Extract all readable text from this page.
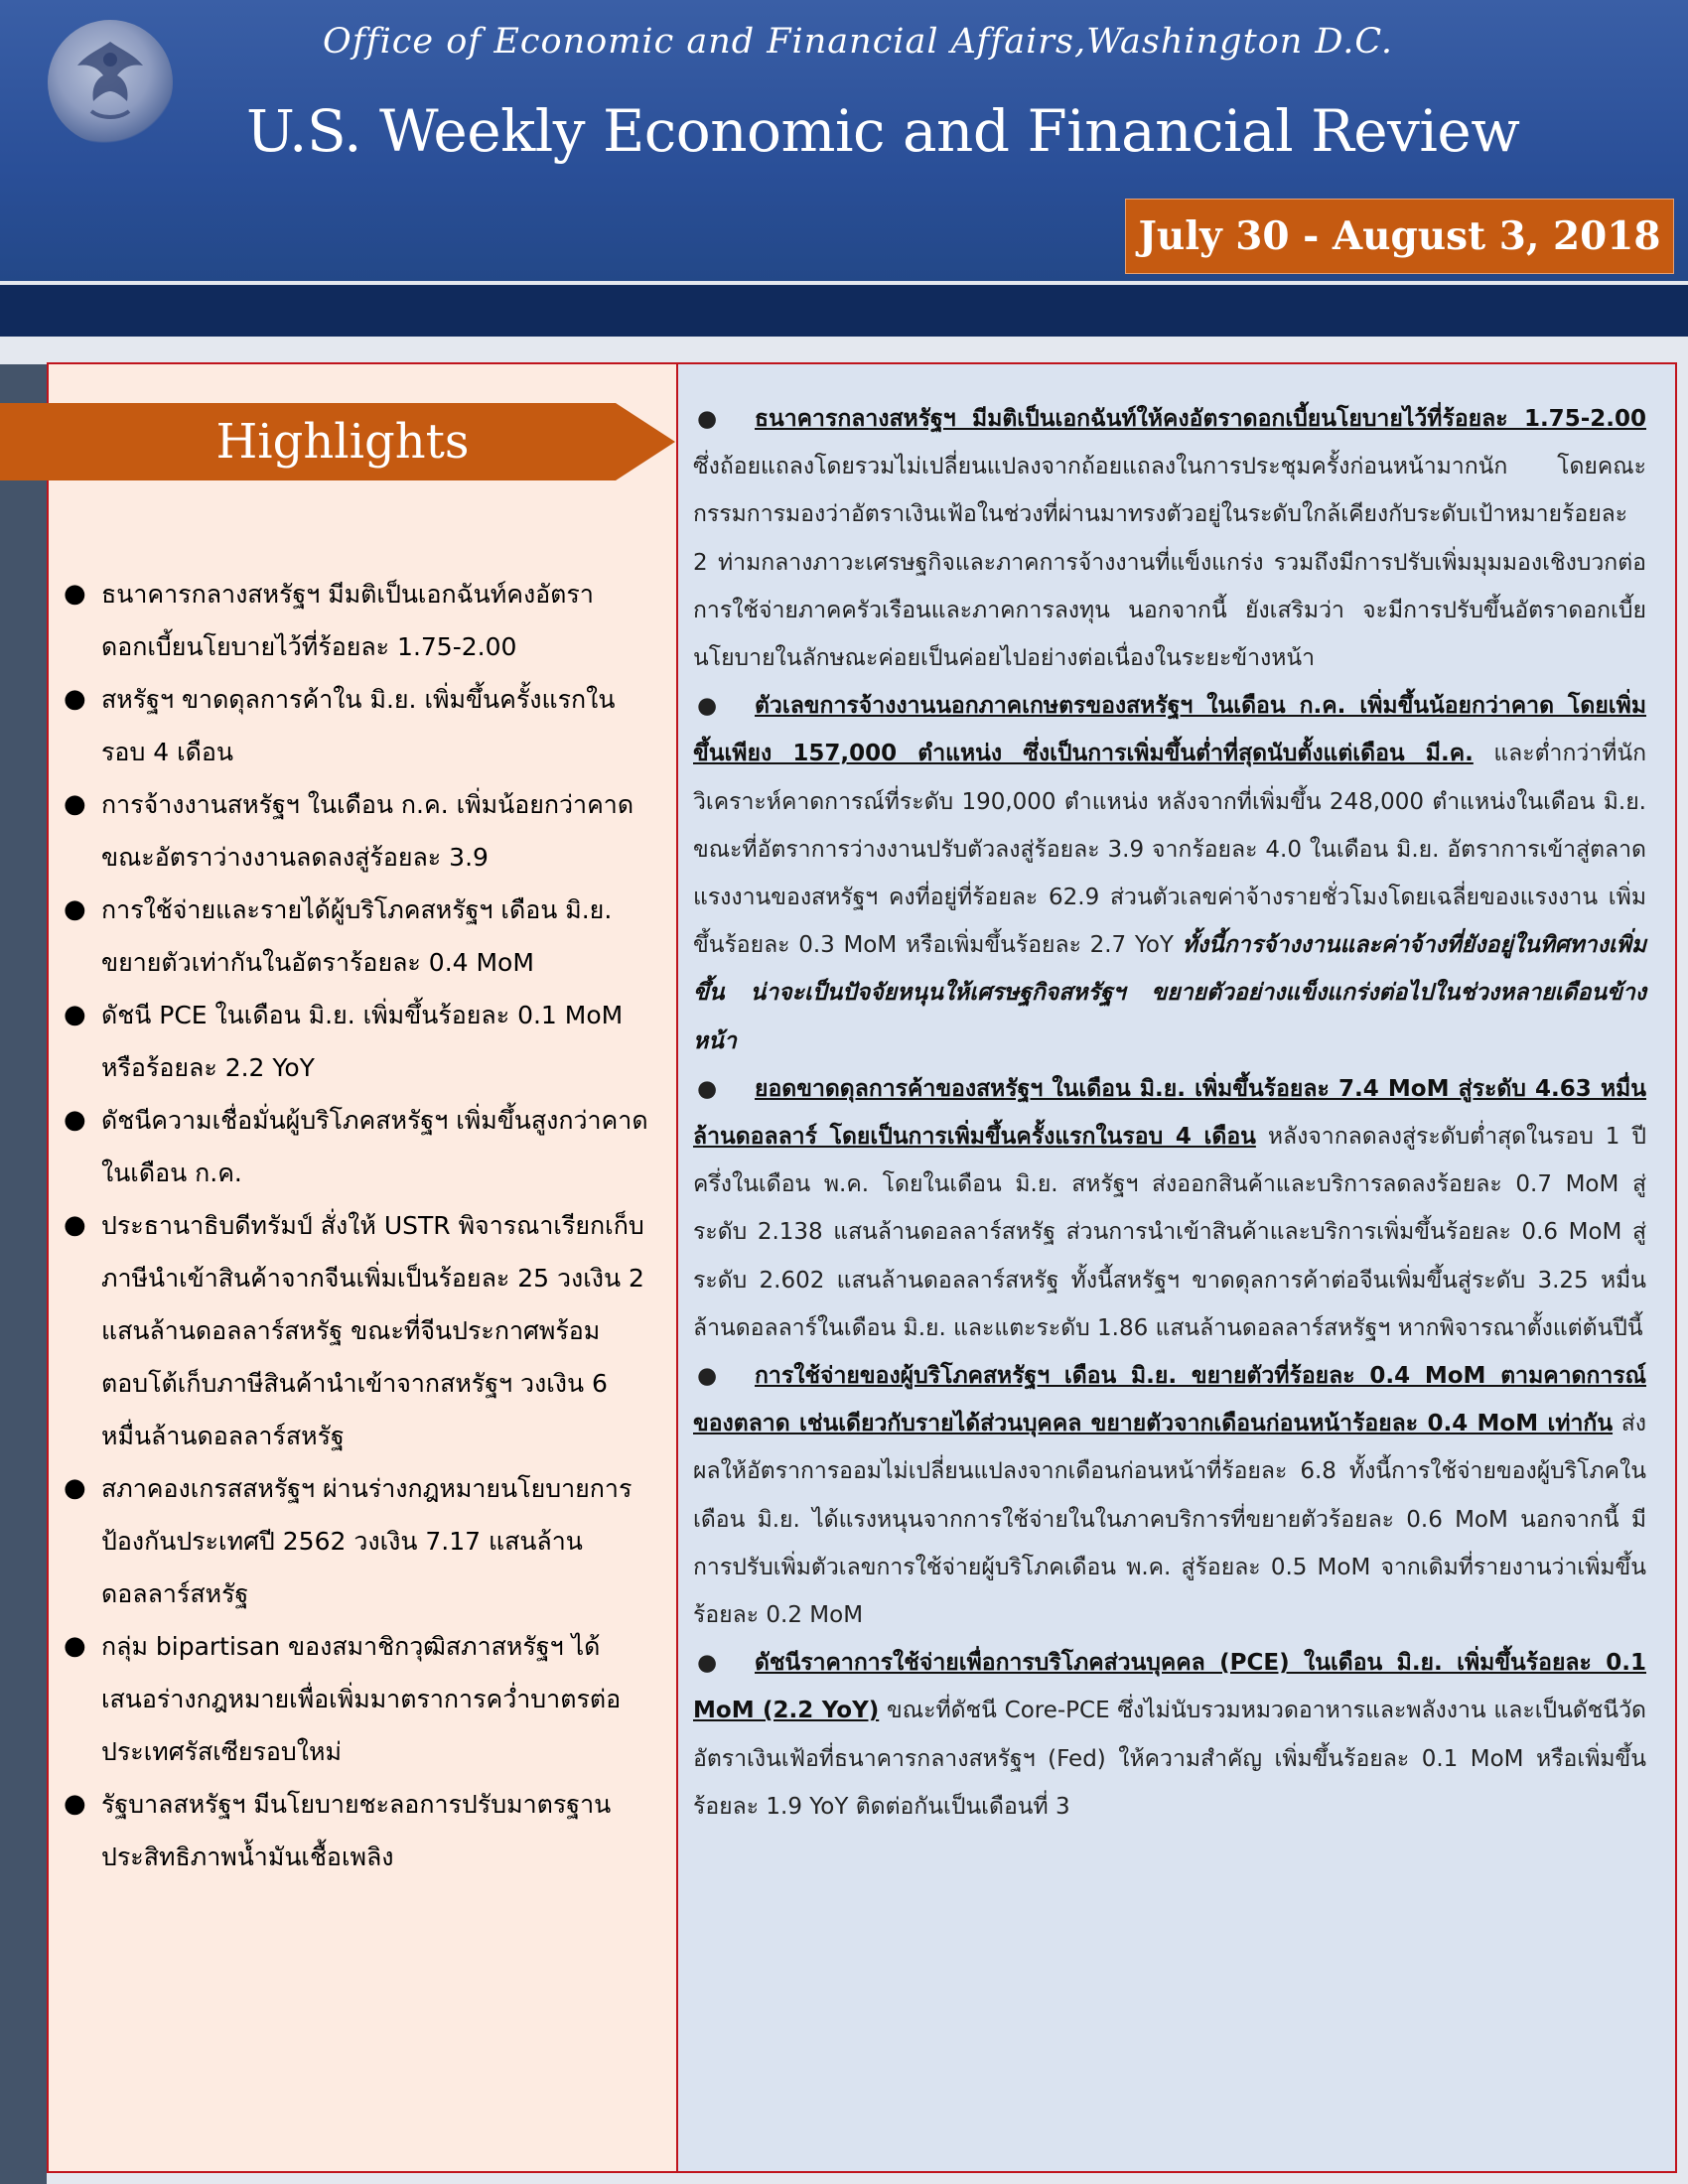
Office of Economic and Financial Affairs,Washington D.C.
U.S. Weekly Economic and Financial Review
July 30 - August 3, 2018
Highlights
● ธนาคารกลางสหรัฐฯ มีมติเป็นเอกฉันท์คงอัตราดอกเบี้ยนโยบายไว้ที่ร้อยละ 1.75-2.00
● สหรัฐฯ ขาดดุลการค้าใน มิ.ย. เพิ่มขึ้นครั้งแรกในรอบ 4 เดือน
● การจ้างงานสหรัฐฯ ในเดือน ก.ค. เพิ่มน้อยกว่าคาด ขณะอัตราว่างงานลดลงสู่ร้อยละ 3.9
● การใช้จ่ายและรายได้ผู้บริโภคสหรัฐฯ เดือน มิ.ย. ขยายตัวเท่ากันในอัตราร้อยละ 0.4 MoM
● ดัชนี PCE ในเดือน มิ.ย. เพิ่มขึ้นร้อยละ 0.1 MoM หรือร้อยละ 2.2 YoY
● ดัชนีความเชื่อมั่นผู้บริโภคสหรัฐฯ เพิ่มขึ้นสูงกว่าคาดในเดือน ก.ค.
● ประธานาธิบดีทรัมป์ สั่งให้ USTR พิจารณาเรียกเก็บภาษีนำเข้าสินค้าจากจีนเพิ่มเป็นร้อยละ 25 วงเงิน 2 แสนล้านดอลลาร์สหรัฐ ขณะที่จีนประกาศพร้อมตอบโต้เก็บภาษีสินค้านำเข้าจากสหรัฐฯ วงเงิน 6 หมื่นล้านดอลลาร์สหรัฐ
● สภาคองเกรสสหรัฐฯ ผ่านร่างกฎหมายนโยบายการป้องกันประเทศปี 2562 วงเงิน 7.17 แสนล้านดอลลาร์สหรัฐ
● กลุ่ม bipartisan ของสมาชิกวุฒิสภาสหรัฐฯ ได้เสนอร่างกฎหมายเพื่อเพิ่มมาตราการคว่ำบาตรต่อประเทศรัสเซียรอบใหม่
● รัฐบาลสหรัฐฯ มีนโยบายชะลอการปรับมาตรฐานประสิทธิภาพน้ำมันเชื้อเพลิง

● ธนาคารกลางสหรัฐฯ มีมติเป็นเอกฉันท์ให้คงอัตราดอกเบี้ยนโยบายไว้ที่ร้อยละ 1.75-2.00 ซึ่งถ้อยแถลงโดยรวมไม่เปลี่ยนแปลงจากถ้อยแถลงในการประชุมครั้งก่อนหน้ามากนัก โดยคณะกรรมการมองว่าอัตราเงินเฟ้อในช่วงที่ผ่านมาทรงตัวอยู่ในระดับใกล้เคียงกับระดับเป้าหมายร้อยละ 2 ท่ามกลางภาวะเศรษฐกิจและภาคการจ้างงานที่แข็งแกร่ง รวมถึงมีการปรับเพิ่มมุมมองเชิงบวกต่อการใช้จ่ายภาคครัวเรือนและภาคการลงทุน นอกจากนี้ ยังเสริมว่า จะมีการปรับขึ้นอัตราดอกเบี้ยนโยบายในลักษณะค่อยเป็นค่อยไปอย่างต่อเนื่องในระยะข้างหน้า

● ตัวเลขการจ้างงานนอกภาคเกษตรของสหรัฐฯ ในเดือน ก.ค. เพิ่มขึ้นน้อยกว่าคาด โดยเพิ่มขึ้นเพียง 157,000 ตำแหน่ง ซึ่งเป็นการเพิ่มขึ้นต่ำที่สุดนับตั้งแต่เดือน มี.ค. และต่ำกว่าที่นักวิเคราะห์คาดการณ์ที่ระดับ 190,000 ตำแหน่ง หลังจากที่เพิ่มขึ้น 248,000 ตำแหน่งในเดือน มิ.ย. ขณะที่อัตราการว่างงานปรับตัวลงสู่ร้อยละ 3.9 จากร้อยละ 4.0 ในเดือน มิ.ย. อัตราการเข้าสู่ตลาดแรงงานของสหรัฐฯ คงที่อยู่ที่ร้อยละ 62.9 ส่วนตัวเลขค่าจ้างรายชั่วโมงโดยเฉลี่ยของแรงงาน เพิ่มขึ้นร้อยละ 0.3 MoM หรือเพิ่มขึ้นร้อยละ 2.7 YoY ทั้งนี้การจ้างงานและค่าจ้างที่ยังอยู่ในทิศทางเพิ่มขึ้น น่าจะเป็นปัจจัยหนุนให้เศรษฐกิจสหรัฐฯ ขยายตัวอย่างแข็งแกร่งต่อไปในช่วงหลายเดือนข้างหน้า

● ยอดขาดดุลการค้าของสหรัฐฯ ในเดือน มิ.ย. เพิ่มขึ้นร้อยละ 7.4 MoM สู่ระดับ 4.63 หมื่นล้านดอลลาร์ โดยเป็นการเพิ่มขึ้นครั้งแรกในรอบ 4 เดือน หลังจากลดลงสู่ระดับต่ำสุดในรอบ 1 ปีครึ่งในเดือน พ.ค. โดยในเดือน มิ.ย. สหรัฐฯ ส่งออกสินค้าและบริการลดลงร้อยละ 0.7 MoM สู่ระดับ 2.138 แสนล้านดอลลาร์สหรัฐ ส่วนการนำเข้าสินค้าและบริการเพิ่มขึ้นร้อยละ 0.6 MoM สู่ระดับ 2.602 แสนล้านดอลลาร์สหรัฐ ทั้งนี้สหรัฐฯ ขาดดุลการค้าต่อจีนเพิ่มขึ้นสู่ระดับ 3.25 หมื่นล้านดอลลาร์ในเดือน มิ.ย. และแตะระดับ 1.86 แสนล้านดอลลาร์สหรัฐฯ หากพิจารณาตั้งแต่ต้นปีนี้

● การใช้จ่ายของผู้บริโภคสหรัฐฯ เดือน มิ.ย. ขยายตัวที่ร้อยละ 0.4 MoM ตามคาดการณ์ของตลาด เช่นเดียวกับรายได้ส่วนบุคคล ขยายตัวจากเดือนก่อนหน้าร้อยละ 0.4 MoM เท่ากัน ส่งผลให้อัตราการออมไม่เปลี่ยนแปลงจากเดือนก่อนหน้าที่ร้อยละ 6.8 ทั้งนี้การใช้จ่ายของผู้บริโภคในเดือน มิ.ย. ได้แรงหนุนจากการใช้จ่ายในในภาคบริการที่ขยายตัวร้อยละ 0.6 MoM นอกจากนี้ มีการปรับเพิ่มตัวเลขการใช้จ่ายผู้บริโภคเดือน พ.ค. สู่ร้อยละ 0.5 MoM จากเดิมที่รายงานว่าเพิ่มขึ้นร้อยละ 0.2 MoM

● ดัชนีราคาการใช้จ่ายเพื่อการบริโภคส่วนบุคคล (PCE) ในเดือน มิ.ย. เพิ่มขึ้นร้อยละ 0.1 MoM (2.2 YoY) ขณะที่ดัชนี Core-PCE ซึ่งไม่นับรวมหมวดอาหารและพลังงาน และเป็นดัชนีวัดอัตราเงินเฟ้อที่ธนาคารกลางสหรัฐฯ (Fed) ให้ความสำคัญ เพิ่มขึ้นร้อยละ 0.1 MoM หรือเพิ่มขึ้นร้อยละ 1.9 YoY ติดต่อกันเป็นเดือนที่ 3
